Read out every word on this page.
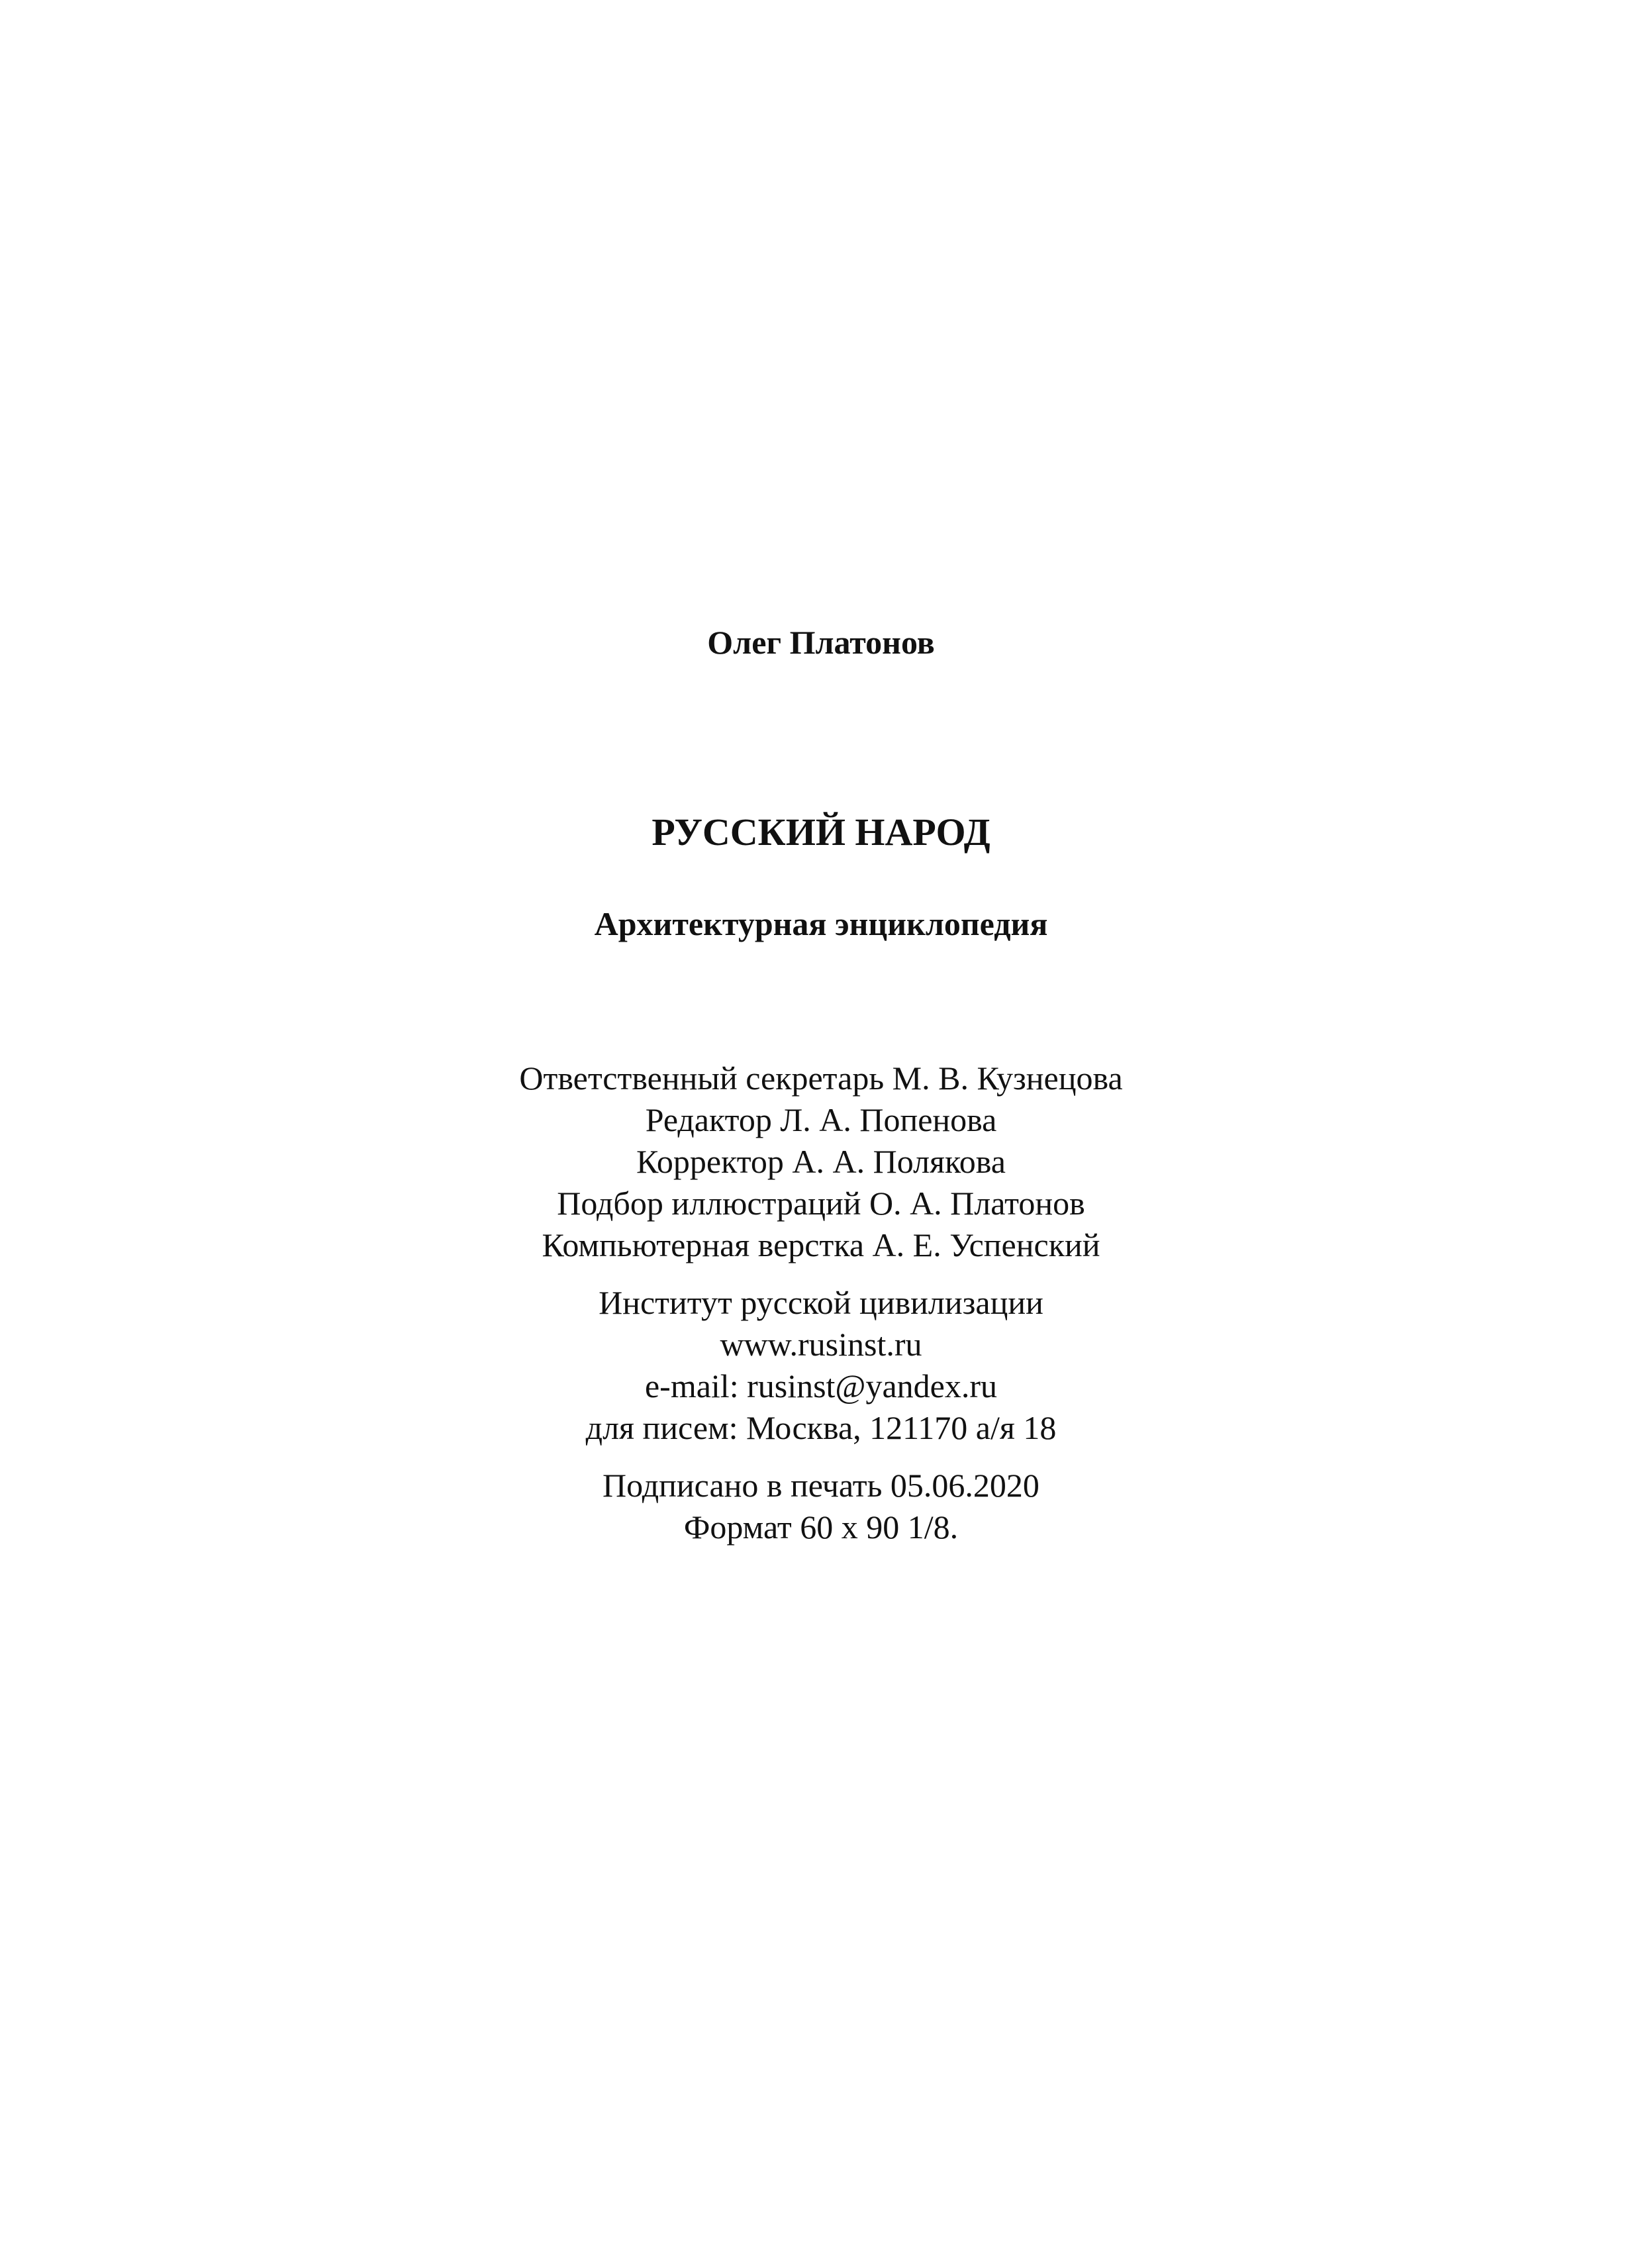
Олег Платонов
РУССКИЙ НАРОД
Архитектурная энциклопедия
Ответственный секретарь М. В. Кузнецова
Редактор Л. А. Попенова
Корректор А. А. Полякова
Подбор иллюстраций О. А. Платонов
Компьютерная верстка А. Е. Успенский
Институт русской цивилизации
www.rusinst.ru
e-mail: rusinst@yandex.ru
для писем: Москва, 121170 а/я 18
Подписано в печать 05.06.2020
Формат 60 х 90 1/8.
